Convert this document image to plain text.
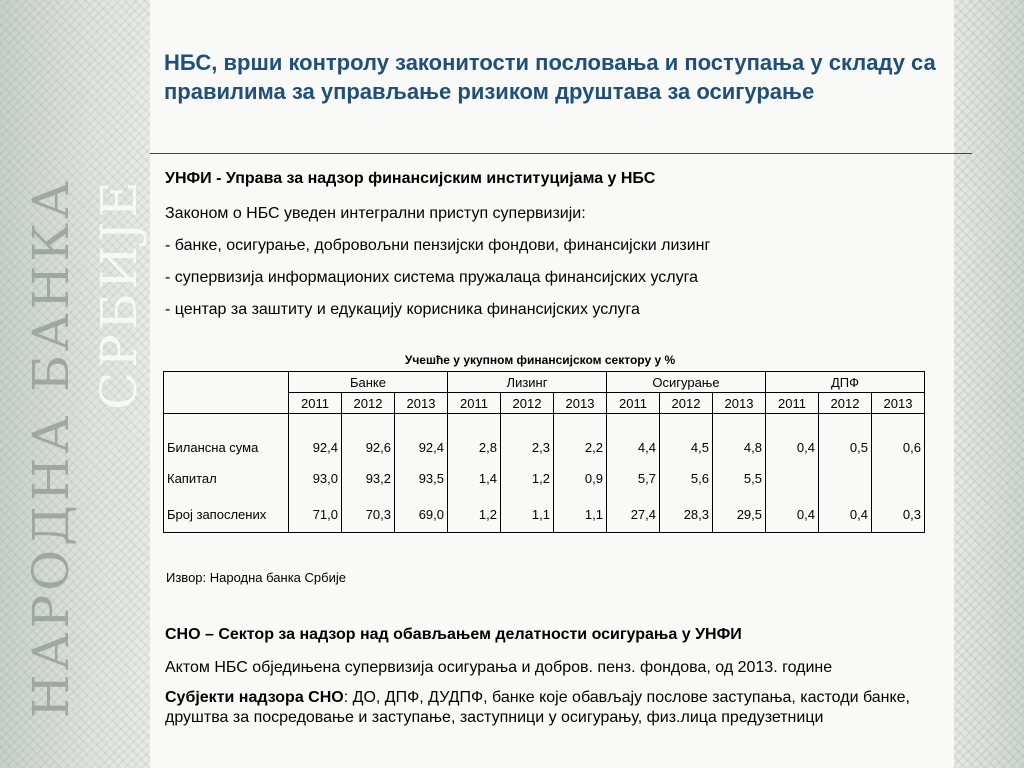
НАРОДНА БАНКА СРБИЈЕ
НБС, врши контролу законитости пословања и поступања у складу са правилима за управљање ризиком друштава за осигурање
УНФИ - Управа за надзор финансијским институцијама у НБС
Законом о НБС уведен интегрални приступ супервизији:
- банке, осигурање, добровољни пензијски фондови, финансијски лизинг
- супервизија информационих система пружалаца финансијских услуга
- центар за заштиту и едукацију корисника финансијских услуга
Учешће у укупном финансијском сектору у %
	Банке			Лизинг			Осигурање			ДПФ		
	2011	2012	2013	2011	2012	2013	2011	2012	2013	2011	2012	2013

Билансна сума	92,4	92,6	92,4	2,8	2,3	2,2	4,4	4,5	4,8	0,4	0,5	0,6
Капитал	93,0	93,2	93,5	1,4	1,2	0,9	5,7	5,6	5,5			
Број запослених	71,0	70,3	69,0	1,2	1,1	1,1	27,4	28,3	29,5	0,4	0,4	0,3
Извор: Народна банка Србије
СНО – Сектор за надзор над обављањем делатности осигурања у УНФИ
Актом НБС обједињена супервизија осигурања и добров. пенз. фондова, од 2013. године
Субјекти надзора СНО: ДО, ДПФ, ДУДПФ, банке које обављају послове заступања, кастоди банке, друштва за посредовање и заступање, заступници у осигурању, физ.лица предузетници
